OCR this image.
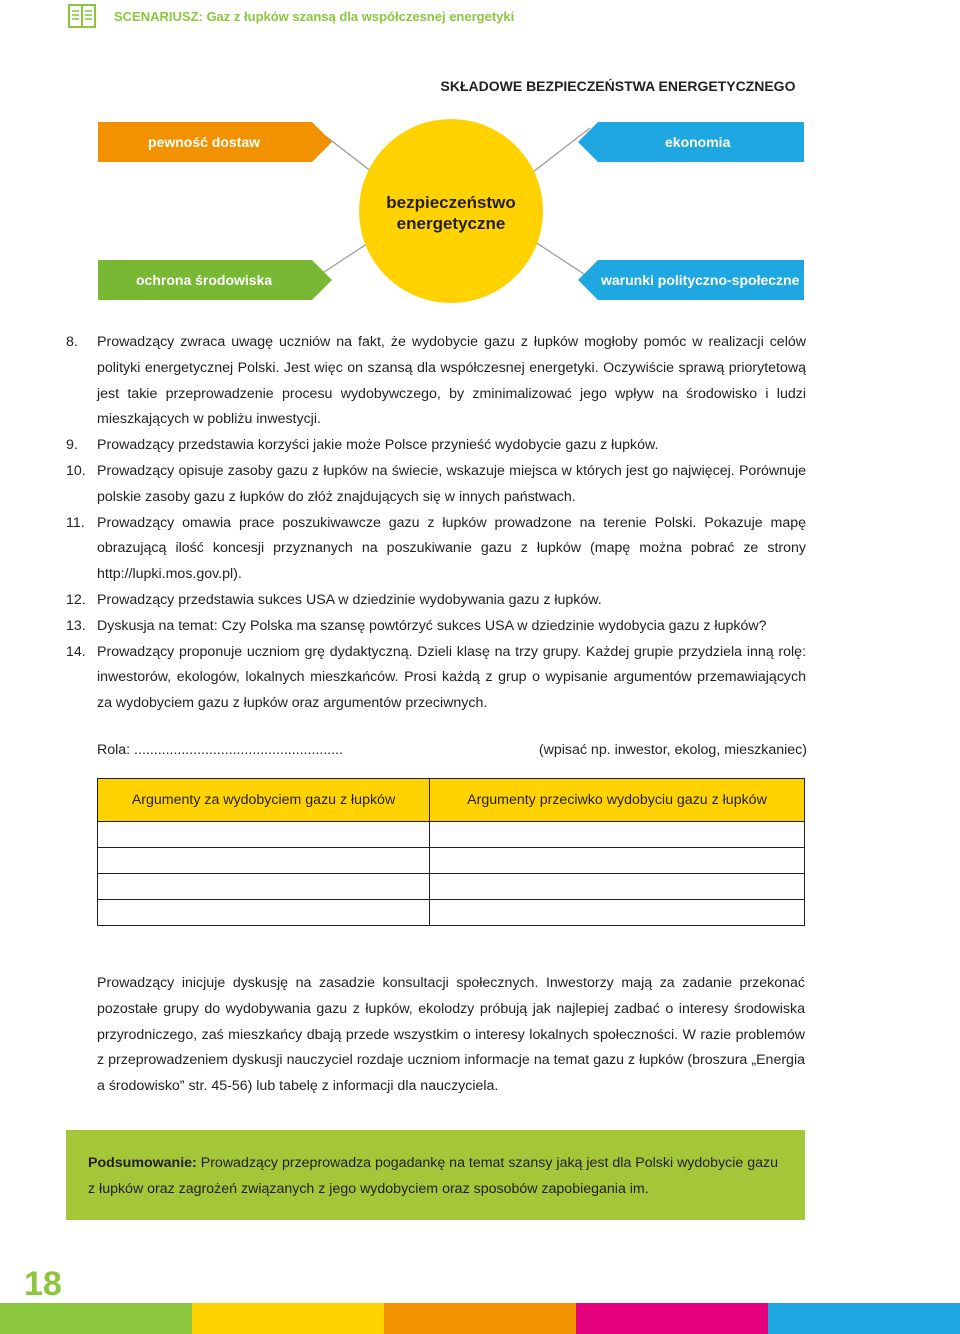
SCENARIUSZ: Gaz z łupków szansą dla współczesnej energetyki
SKŁADOWE BEZPIECZEŃSTWA ENERGETYCZNEGO
pewność dostaw	ekonomia
ochrona środowiska	warunki polityczno-społeczne
bezpieczeństwo
energetyczne
8.	Prowadzący zwraca uwagę uczniów na fakt, że wydobycie gazu z łupków mogłoby pomóc w realizacji celów polityki energetycznej Polski. Jest więc on szansą dla współczesnej energetyki. Oczywiście sprawą priorytetową jest takie przeprowadzenie procesu wydobywczego, by zminimalizować jego wpływ na środowisko i ludzi mieszkających w pobliżu inwestycji.
9.	Prowadzący przedstawia korzyści jakie może Polsce przynieść wydobycie gazu z łupków.
10. Prowadzący opisuje zasoby gazu z łupków na świecie, wskazuje miejsca w których jest go najwięcej. Porównuje polskie zasoby gazu z łupków do złóż znajdujących się w innych państwach.
11. Prowadzący omawia prace poszukiwawcze gazu z łupków prowadzone na terenie Polski. Pokazuje mapę obrazującą ilość koncesji przyznanych na poszukiwanie gazu z łupków (mapę można pobrać ze strony http://lupki.mos.gov.pl).
12. Prowadzący przedstawia sukces USA w dziedzinie wydobywania gazu z łupków.
13. Dyskusja na temat: Czy Polska ma szansę powtórzyć sukces USA w dziedzinie wydobycia gazu z łupków?
14. Prowadzący proponuje uczniom grę dydaktyczną. Dzieli klasę na trzy grupy. Każdej grupie przydziela inną rolę: inwestorów, ekologów, lokalnych mieszkańców. Prosi każdą z grup o wypisanie argumentów przemawiających za wydobyciem gazu z łupków oraz argumentów przeciwnych.
Rola: .....................................................	(wpisać np. inwestor, ekolog, mieszkaniec)
Argumenty za wydobyciem gazu z łupków	Argumenty przeciwko wydobyciu gazu z łupków

Prowadzący inicjuje dyskusję na zasadzie konsultacji społecznych. Inwestorzy mają za zadanie przekonać pozostałe grupy do wydobywania gazu z łupków, ekolodzy próbują jak najlepiej zadbać o interesy środowiska przyrodniczego, zaś mieszkańcy dbają przede wszystkim o interesy lokalnych społeczności. W razie problemów z przeprowadzeniem dyskusji nauczyciel rozdaje uczniom informacje na temat gazu z łupków (broszura „Energia a środowisko” str. 45-56) lub tabelę z informacji dla nauczyciela.

Podsumowanie: Prowadzący przeprowadza pogadankę na temat szansy jaką jest dla Polski wydobycie gazu z łupków oraz zagrożeń związanych z jego wydobyciem oraz sposobów zapobiegania im.
18
